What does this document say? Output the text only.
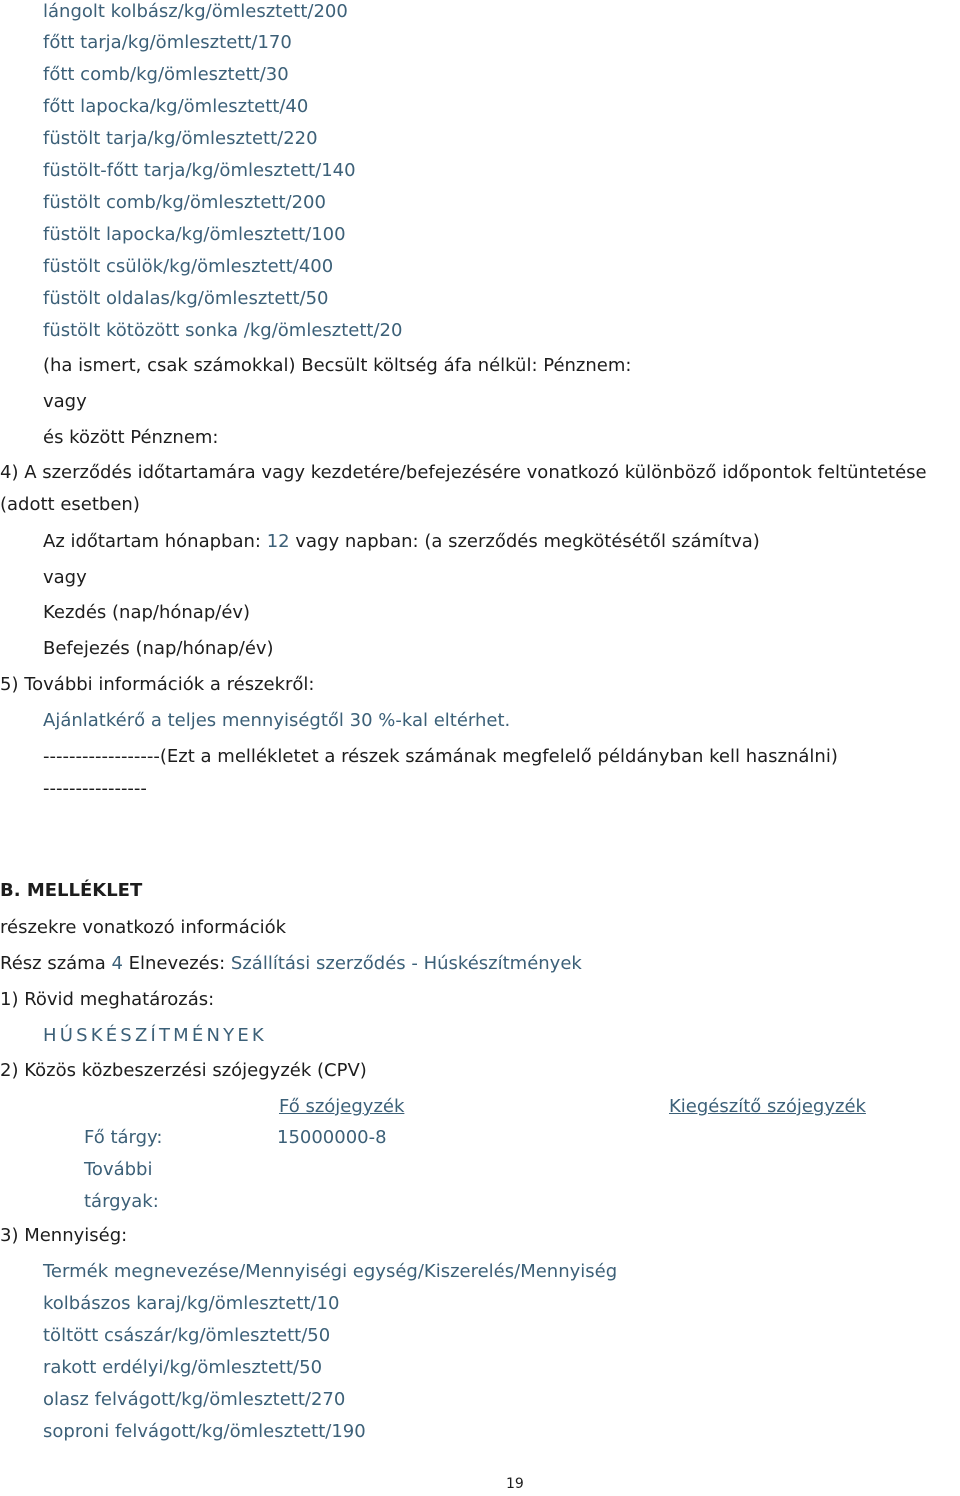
lángolt kolbász/kg/ömlesztett/200
főtt tarja/kg/ömlesztett/170
főtt comb/kg/ömlesztett/30
főtt lapocka/kg/ömlesztett/40
füstölt tarja/kg/ömlesztett/220
füstölt-főtt tarja/kg/ömlesztett/140
füstölt comb/kg/ömlesztett/200
füstölt lapocka/kg/ömlesztett/100
füstölt csülök/kg/ömlesztett/400
füstölt oldalas/kg/ömlesztett/50
füstölt kötözött sonka /kg/ömlesztett/20
(ha ismert, csak számokkal) Becsült költség áfa nélkül: Pénznem:
vagy
és között Pénznem:
4) A szerződés időtartamára vagy kezdetére/befejezésére vonatkozó különböző időpontok feltüntetése
(adott esetben)
Az időtartam hónapban: 12 vagy napban: (a szerződés megkötésétől számítva)
vagy
Kezdés (nap/hónap/év)
Befejezés (nap/hónap/év)
5) További információk a részekről:
Ajánlatkérő a teljes mennyiségtől 30 %-kal eltérhet.
------------------(Ezt a mellékletet a részek számának megfelelő példányban kell használni)
----------------
B. MELLÉKLET
részekre vonatkozó információk
Rész száma 4 Elnevezés: Szállítási szerződés - Húskészítmények
1) Rövid meghatározás:
HÚSKÉSZÍTMÉNYEK
2) Közös közbeszerzési szójegyzék (CPV)
Fő szójegyzék	Kiegészítő szójegyzék
Fő tárgy:	15000000-8
További
tárgyak:
3) Mennyiség:
Termék megnevezése/Mennyiségi egység/Kiszerelés/Mennyiség
kolbászos karaj/kg/ömlesztett/10
töltött császár/kg/ömlesztett/50
rakott erdélyi/kg/ömlesztett/50
olasz felvágott/kg/ömlesztett/270
soproni felvágott/kg/ömlesztett/190
19
